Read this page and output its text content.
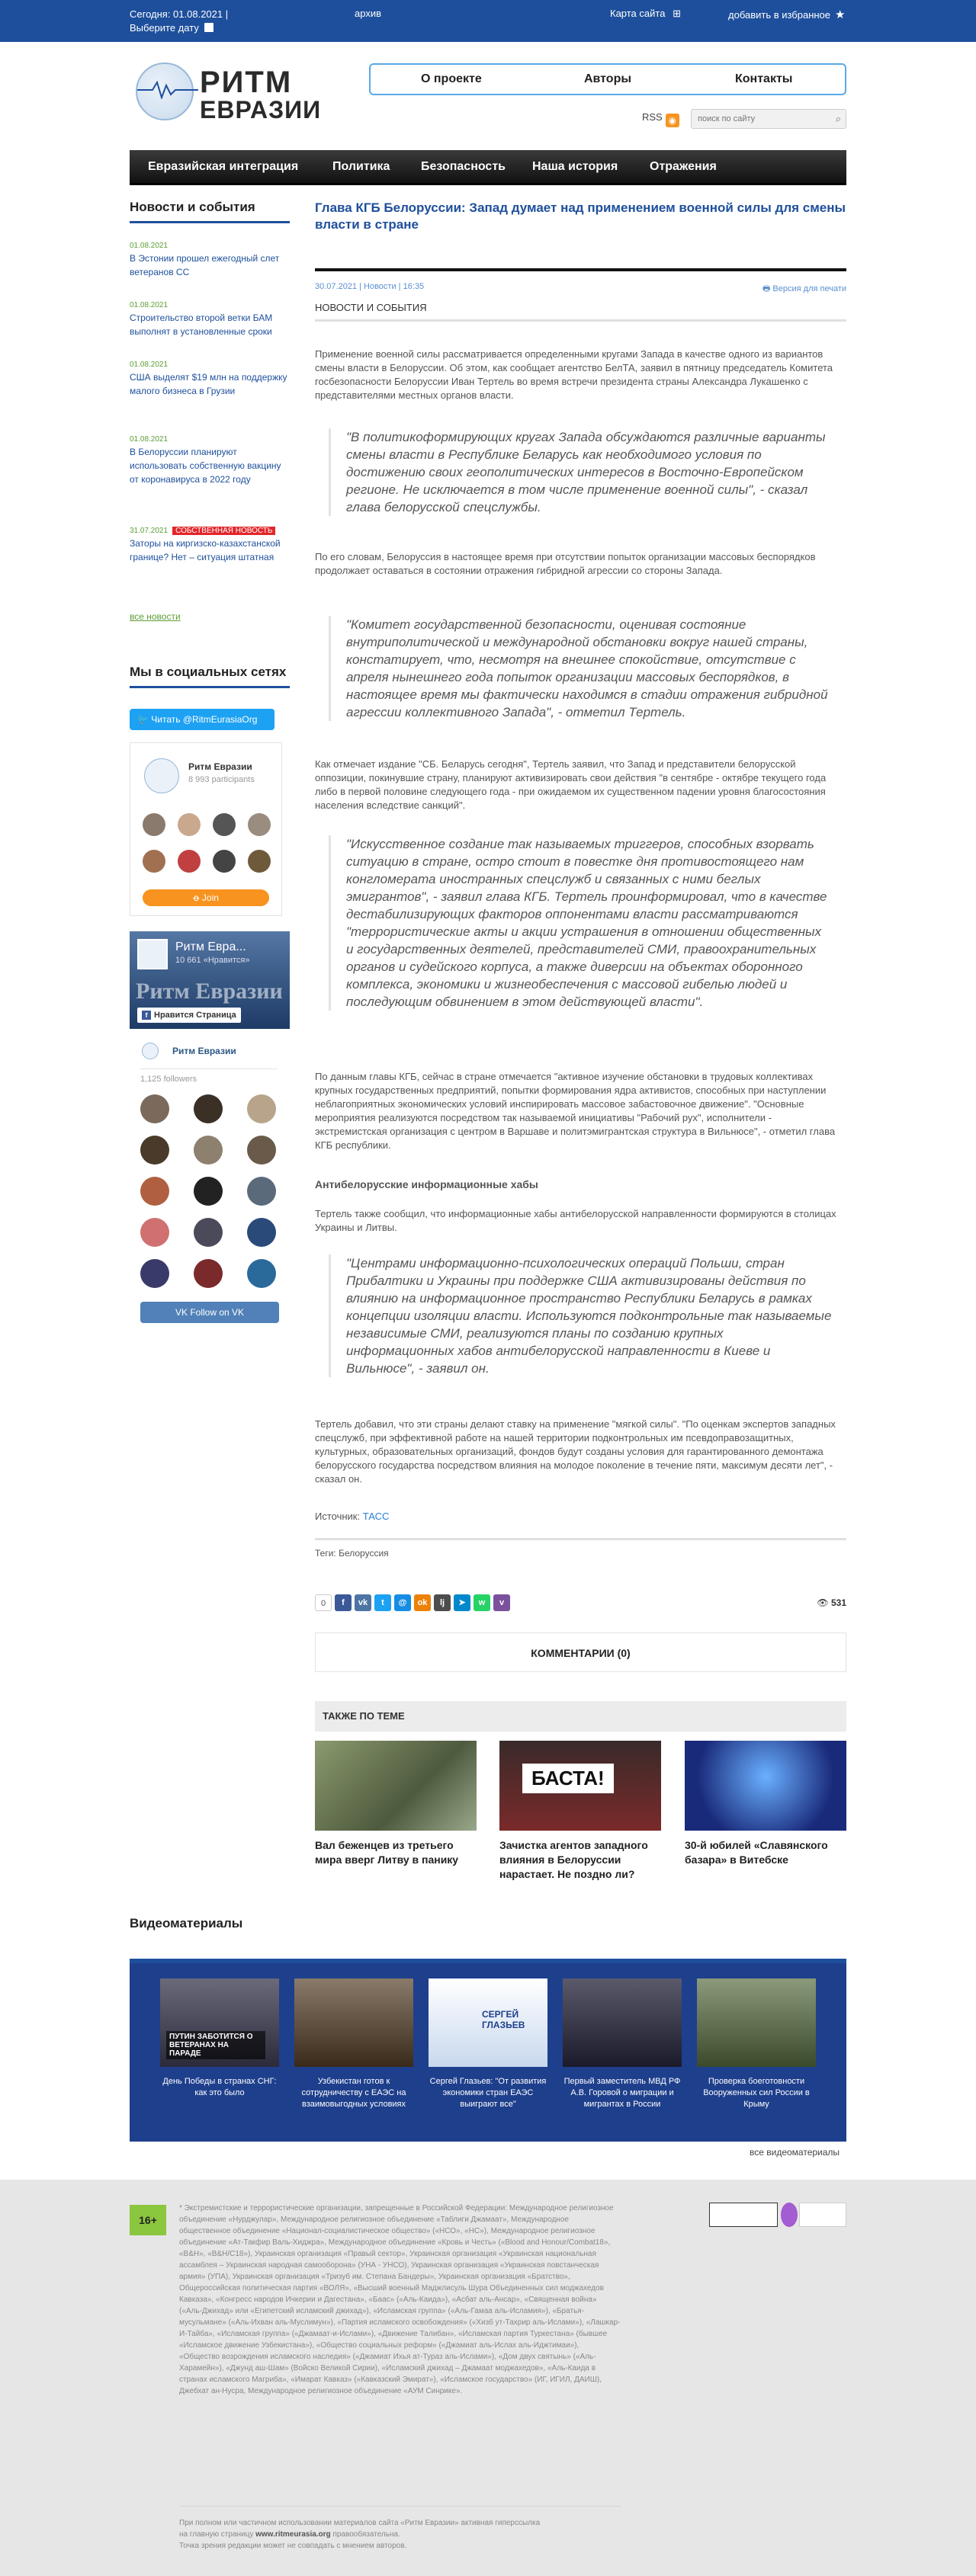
Сегодня: 01.08.2021 |
Выберите дату
архив	Карта сайта ⊞	добавить в избранное ★
РИТМ
ЕВРАЗИИ
О проекте	Авторы	Контакты
RSS ◉
поиск по сайту	⌕
Евразийская интеграция	Политика	Безопасность Наша история	Отражения
Новости и события
01.08.2021
В Эстонии прошел ежегодный слет ветеранов СС
01.08.2021
Строительство второй ветки БАМ выполнят в установленные сроки
01.08.2021
США выделят $19 млн на поддержку малого бизнеса в Грузии
01.08.2021
В Белоруссии планируют использовать собственную вакцину от коронавируса в 2022 году
31.07.2021 СОБСТВЕННАЯ НОВОСТЬ
Заторы на киргизско-казахстанской границе? Нет – ситуация штатная
все новости
Мы в социальных сетях
🐦 Читать @RitmEurasiaOrg
Ритм Евразии
8 993 participants
ꝋ Join
Ритм Евра...
10 661 «Нравится»
Ритм Евразии
f Нравится Страница
Ритм Евразии
1,125 followers
VK Follow on VK
Глава КГБ Белоруссии: Запад думает над применением военной силы для смены власти в стране
30.07.2021 | Новости | 16:35	🖶 Версия для печати
НОВОСТИ И СОБЫТИЯ
Применение военной силы рассматривается определенными кругами Запада в качестве одного из вариантов смены власти в Белоруссии. Об этом, как сообщает агентство БелТА, заявил в пятницу председатель Комитета госбезопасности Белоруссии Иван Тертель во время встречи президента страны Александра Лукашенко с представителями местных органов власти.
"В политикоформирующих кругах Запада обсуждаются различные варианты смены власти в Республике Беларусь как необходимого условия по достижению своих геополитических интересов в Восточно-Европейском регионе. Не исключается в том числе применение военной силы", - сказал глава белорусской спецслужбы.
По его словам, Белоруссия в настоящее время при отсутствии попыток организации массовых беспорядков продолжает оставаться в состоянии отражения гибридной агрессии со стороны Запада.
"Комитет государственной безопасности, оценивая состояние внутриполитической и международной обстановки вокруг нашей страны, констатирует, что, несмотря на внешнее спокойствие, отсутствие с апреля нынешнего года попыток организации массовых беспорядков, в настоящее время мы фактически находимся в стадии отражения гибридной агрессии коллективного Запада", - отметил Тертель.
Как отмечает издание "СБ. Беларусь сегодня", Тертель заявил, что Запад и представители белорусской оппозиции, покинувшие страну, планируют активизировать свои действия "в сентябре - октябре текущего года либо в первой половине следующего года - при ожидаемом их существенном падении уровня благосостояния населения вследствие санкций".
"Искусственное создание так называемых триггеров, способных взорвать ситуацию в стране, остро стоит в повестке дня противостоящего нам конгломерата иностранных спецслужб и связанных с ними беглых эмигрантов", - заявил глава КГБ. Тертель проинформировал, что в качестве дестабилизирующих факторов оппонентами власти рассматриваются "террористические акты и акции устрашения в отношении общественных и государственных деятелей, представителей СМИ, правоохранительных органов и судейского корпуса, а также диверсии на объектах оборонного комплекса, экономики и жизнеобеспечения с массовой гибелью людей и последующим обвинением в этом действующей власти".
По данным главы КГБ, сейчас в стране отмечается "активное изучение обстановки в трудовых коллективах крупных государственных предприятий, попытки формирования ядра активистов, способных при наступлении неблагоприятных экономических условий инспирировать массовое забастовочное движение". "Основные мероприятия реализуются посредством так называемой инициативы "Рабочий рух", исполнители - экстремистская организация с центром в Варшаве и политэмигрантская структура в Вильнюсе", - отметил глава КГБ республики.
Антибелорусские информационные хабы
Тертель также сообщил, что информационные хабы антибелорусской направленности формируются в столицах Украины и Литвы.
"Центрами информационно-психологических операций Польши, стран Прибалтики и Украины при поддержке США активизированы действия по влиянию на информационное пространство Республики Беларусь в рамках концепции изоляции власти. Используются подконтрольные так называемые независимые СМИ, реализуются планы по созданию крупных информационных хабов антибелорусской направленности в Киеве и Вильнюсе", - заявил он.
Тертель добавил, что эти страны делают ставку на применение "мягкой силы". "По оценкам экспертов западных спецслужб, при эффективной работе на нашей территории подконтрольных им псевдоправозащитных, культурных, образовательных организаций, фондов будут созданы условия для гарантированного демонтажа белорусского государства посредством влияния на молодое поколение в течение пяти, максимум десяти лет", - сказал он.
Источник: ТАСС
Теги: Белоруссия
0	f	vk	t	@	ok	lj	➤	w	v	👁 531
КОММЕНТАРИИ (0)
ТАКЖЕ ПО ТЕМЕ
Вал беженцев из третьего мира вверг Литву в панику
БАСТА!
Зачистка агентов западного влияния в Белоруссии нарастает. Не поздно ли?
30-й юбилей «Славянского базара» в Витебске
Видеоматериалы
ПУТИН ЗАБОТИТСЯ О ВЕТЕРАНАХ НА ПАРАДЕ
День Победы в странах СНГ: как это было
Узбекистан готов к сотрудничеству с ЕАЭС на взаимовыгодных условиях
СЕРГЕЙ ГЛАЗЬЕВ
Сергей Глазьев: "От развития экономики стран ЕАЭС выиграют все"
Первый заместитель МВД РФ А.В. Горовой о миграции и мигрантах в России
Проверка боеготовности Вооруженных сил России в Крыму
все видеоматериалы
16+
* Экстремистские и террористические организации, запрещенные в Российской Федерации: Международное религиозное объединение «Нурджулар», Международное религиозное объединение «Таблиги Джамаат», Международное общественное объединение «Национал-социалистическое общество» («НСО», «НС»), Международное религиозное объединение «Ат-Такфир Валь-Хиджра», Международное объединение «Кровь и Честь» («Blood and Honour/Combat18», «В&H», «В&H/C18»), Украинская организация «Правый сектор», Украинская организация «Украинская национальная ассамблея – Украинская народная самооборона» (УНА - УНСО), Украинская организация «Украинская повстанческая армия» (УПА), Украинская организация «Тризуб им. Степана Бандеры», Украинская организация «Братство», Общероссийская политическая партия «ВОЛЯ», «Высший военный Маджлисуль Шура Объединенных сил моджахедов Кавказа», «Конгресс народов Ичкерии и Дагестана», «Баас» («Аль-Каида»), «Асбат аль-Ансар», «Священная война» («Аль-Джихад» или «Египетский исламский джихад»), «Исламская группа» («Аль-Гамаа аль-Исламия»), «Братья-мусульмане» («Аль-Ихван аль-Муслимун»), «Партия исламского освобождения» («Хизб ут-Тахрир аль-Ислами»), «Лашкар-И-Тайба», «Исламская группа» («Джамаат-и-Ислами»), «Движение Талибан», «Исламская партия Туркестана» (бывшее «Исламское движение Узбекистана»), «Общество социальных реформ» («Джамиат аль-Ислах аль-Иджтимаи»), «Общество возрождения исламского наследия» («Джамиат Ихья ат-Тураз аль-Ислами»), «Дом двух святынь» («Аль-Харамейн»), «Джунд аш-Шам» (Войско Великой Сирии), «Исламский джихад – Джамаат моджахедов», «Аль-Каида в странах исламского Магриба», «Имарат Кавказ» («Кавказский Эмират»), «Исламское государство» (ИГ, ИГИЛ, ДАИШ), Джебхат ан-Нусра, Международное религиозное объединение «АУМ Синрике».
При полном или частичном использовании материалов сайта «Ритм Евразии» активная гиперссылка
на главную страницу www.ritmeurasia.org правообязательна.
Точка зрения редакции может не совпадать с мнением авторов.
